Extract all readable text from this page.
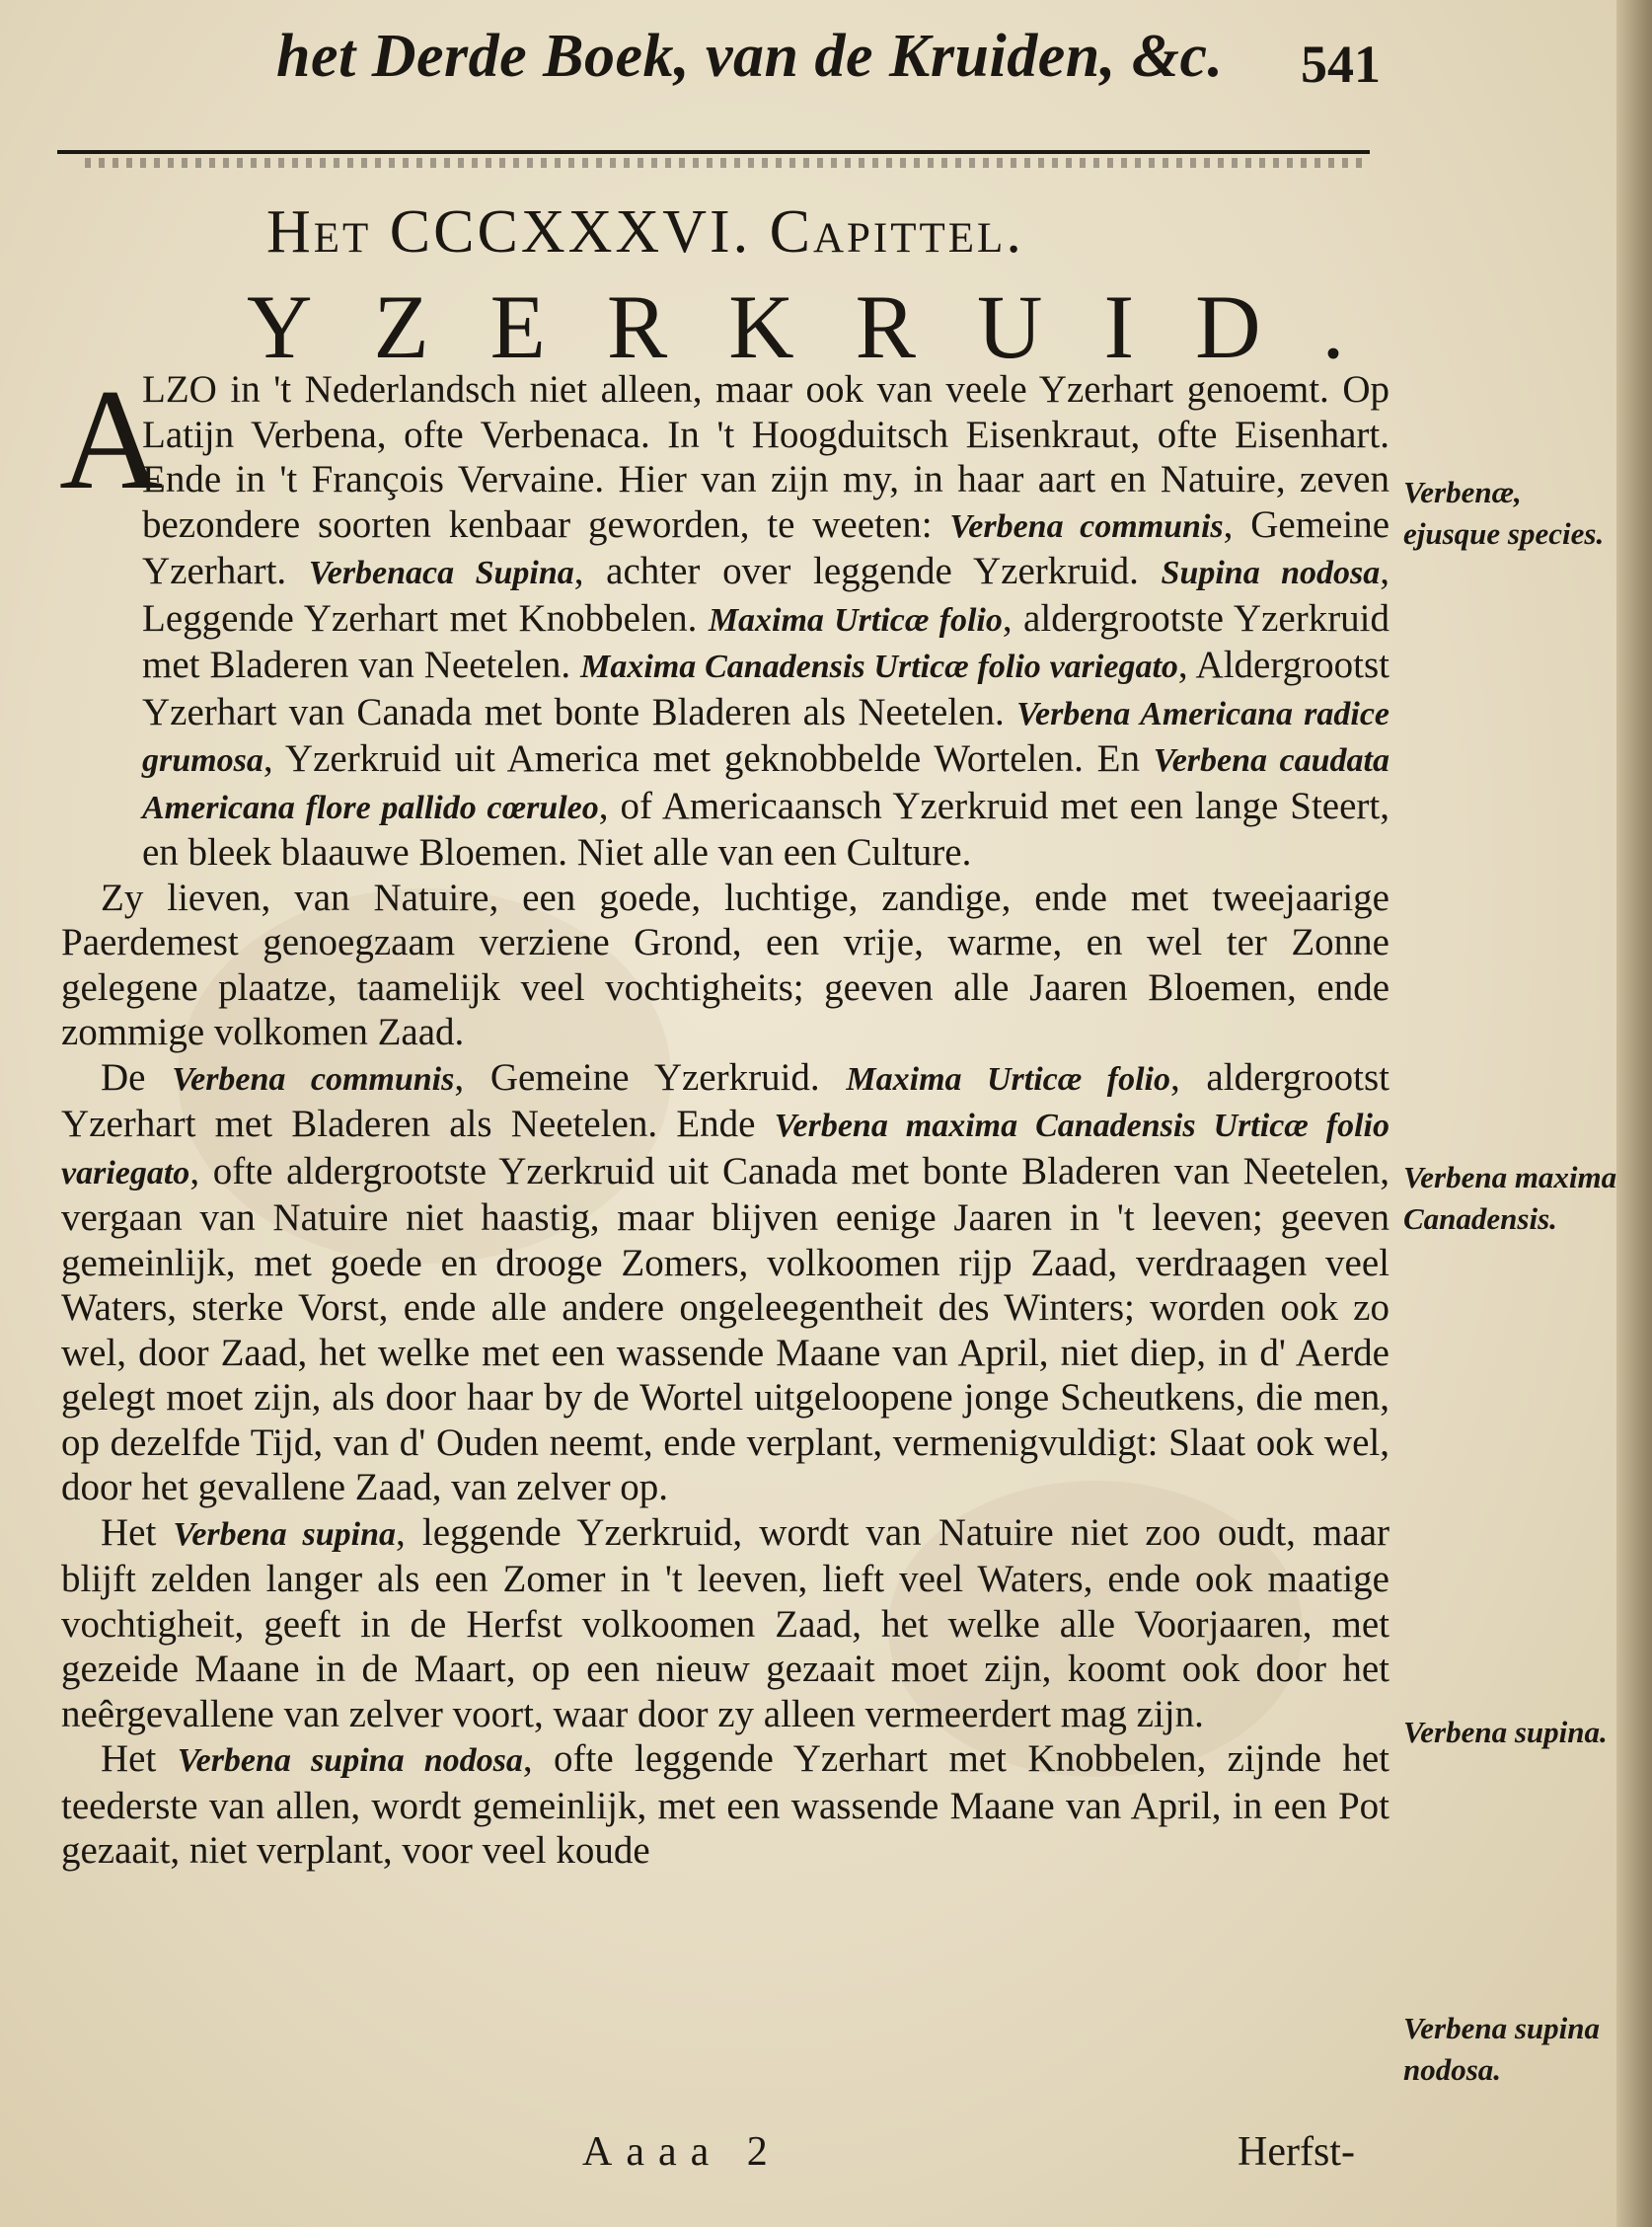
het Derde Boek, van de Kruiden, &c. 541
Het CCCXXXVI. Capittel.
YZERKRUID.
A

LZO in 't Nederlandsch niet alleen, maar ook van veele Yzerhart genoemt. Op Latijn Verbena, ofte Verbenaca. In 't Hoogduitsch Eisenkraut, ofte Eisenhart. Ende in 't François Vervaine. Hier van zijn my, in haar aart en Natuire, zeven bezondere soorten kenbaar geworden, te weeten: Verbena communis, Gemeine Yzerhart. Verbenaca Supina, achter over leggende Yzerkruid. Supina nodosa, Leggende Yzerhart met Knobbelen. Maxima Urticæ folio, aldergrootste Yzerkruid met Bladeren van Neetelen. Maxima Canadensis Urticæ folio variegato, Aldergrootst Yzerhart van Canada met bonte Bladeren als Neetelen. Verbena Americana radice grumosa, Yzerkruid uit America met geknobbelde Wortelen. En Verbena caudata Americana flore pallido cœruleo, of Americaansch Yzerkruid met een lange Steert, en bleek blaauwe Bloemen. Niet alle van een Culture.

Zy lieven, van Natuire, een goede, luchtige, zandige, ende met tweejaarige Paerdemest genoegzaam verziene Grond, een vrije, warme, en wel ter Zonne gelegene plaatze, taamelijk veel vochtigheits; geeven alle Jaaren Bloemen, ende zommige volkomen Zaad.

De Verbena communis, Gemeine Yzerkruid. Maxima Urticæ folio, aldergrootst Yzerhart met Bladeren als Neetelen. Ende Verbena maxima Canadensis Urticæ folio variegato, ofte aldergrootste Yzerkruid uit Canada met bonte Bladeren van Neetelen, vergaan van Natuire niet haastig, maar blijven eenige Jaaren in 't leeven; geeven gemeinlijk, met goede en drooge Zomers, volkoomen rijp Zaad, verdraagen veel Waters, sterke Vorst, ende alle andere ongeleegentheit des Winters; worden ook zo wel, door Zaad, het welke met een wassende Maane van April, niet diep, in d' Aerde gelegt moet zijn, als door haar by de Wortel uitgeloopene jonge Scheutkens, die men, op dezelfde Tijd, van d' Ouden neemt, ende verplant, vermenigvuldigt: Slaat ook wel, door het gevallene Zaad, van zelver op.

Het Verbena supina, leggende Yzerkruid, wordt van Natuire niet zoo oudt, maar blijft zelden langer als een Zomer in 't leeven, lieft veel Waters, ende ook maatige vochtigheit, geeft in de Herfst volkoomen Zaad, het welke alle Voorjaaren, met gezeide Maane in de Maart, op een nieuw gezaait moet zijn, koomt ook door het neêrgevallene van zelver voort, waar door zy alleen vermeerdert mag zijn.

Het Verbena supina nodosa, ofte leggende Yzerhart met Knobbelen, zijnde het teederste van allen, wordt gemeinlijk, met een wassende Maane van April, in een Pot gezaait, niet verplant, voor veel koude

Aaaa 2	Herfst-
Verbenæ, ejusque species.
Verbena maxima Canadensis.
Verbena supina.
Verbena supina nodosa.
